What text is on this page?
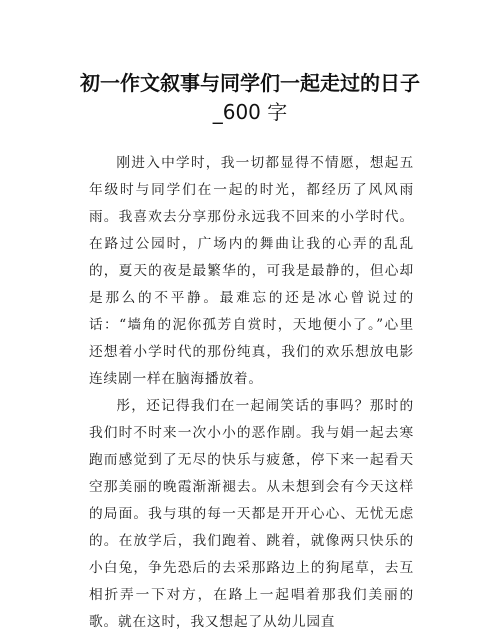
初一作文叙事与同学们一起走过的日子
_600 字

刚进入中学时，我一切都显得不情愿，想起五年级时与同学们在一起的时光，都经历了风风雨雨。我喜欢去分享那份永远我不回来的小学时代。在路过公园时，广场内的舞曲让我的心弄的乱乱的，夏天的夜是最繁华的，可我是最静的，但心却是那么的不平静。最难忘的还是冰心曾说过的话：“墙角的泥你孤芳自赏时，天地便小了。”心里还想着小学时代的那份纯真，我们的欢乐想放电影连续剧一样在脑海播放着。

彤，还记得我们在一起闹笑话的事吗？那时的我们时不时来一次小小的恶作剧。我与娟一起去寒跑而感觉到了无尽的快乐与疲惫，停下来一起看天空那美丽的晚霞渐渐褪去。从未想到会有今天这样的局面。我与琪的每一天都是开开心心、无忧无虑的。在放学后，我们跑着、跳着，就像两只快乐的小白兔，争先恐后的去采那路边上的狗尾草，去互相折弄一下对方，在路上一起唱着那我们美丽的歌。就在这时，我又想起了从幼儿园直
